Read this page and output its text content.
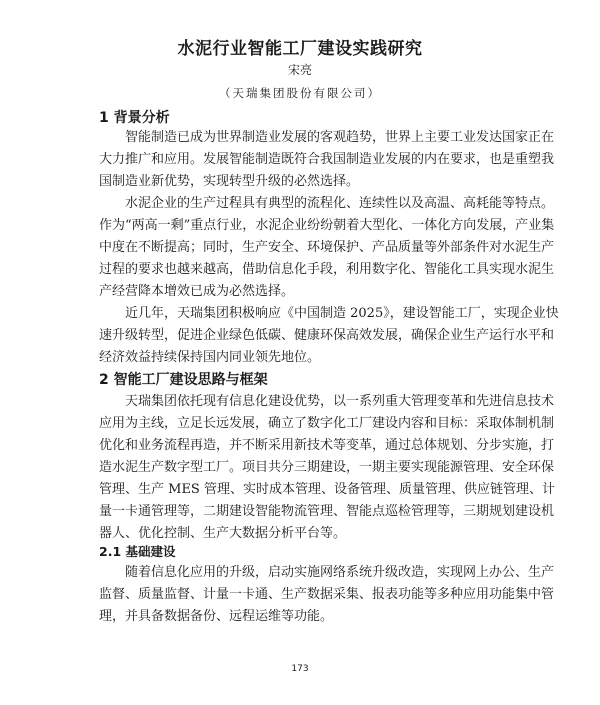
水泥行业智能工厂建设实践研究
宋亮
（天瑞集团股份有限公司）
1 背景分析
智能制造已成为世界制造业发展的客观趋势，世界上主要工业发达国家正在
大力推广和应用。发展智能制造既符合我国制造业发展的内在要求，也是重塑我
国制造业新优势，实现转型升级的必然选择。
水泥企业的生产过程具有典型的流程化、连续性以及高温、高耗能等特点。
作为“两高一剩”重点行业，水泥企业纷纷朝着大型化、一体化方向发展，产业集
中度在不断提高；同时，生产安全、环境保护、产品质量等外部条件对水泥生产
过程的要求也越来越高，借助信息化手段，利用数字化、智能化工具实现水泥生
产经营降本增效已成为必然选择。
近几年，天瑞集团积极响应《中国制造 2025》，建设智能工厂，实现企业快
速升级转型，促进企业绿色低碳、健康环保高效发展，确保企业生产运行水平和
经济效益持续保持国内同业领先地位。
2 智能工厂建设思路与框架
天瑞集团依托现有信息化建设优势，以一系列重大管理变革和先进信息技术
应用为主线，立足长远发展，确立了数字化工厂建设内容和目标：采取体制机制
优化和业务流程再造，并不断采用新技术等变革，通过总体规划、分步实施，打
造水泥生产数字型工厂。项目共分三期建设，一期主要实现能源管理、安全环保
管理、生产 MES 管理、实时成本管理、设备管理、质量管理、供应链管理、计
量一卡通管理等，二期建设智能物流管理、智能点巡检管理等，三期规划建设机
器人、优化控制、生产大数据分析平台等。
2.1 基础建设
随着信息化应用的升级，启动实施网络系统升级改造，实现网上办公、生产
监督、质量监督、计量一卡通、生产数据采集、报表功能等多种应用功能集中管
理，并具备数据备份、远程运维等功能。
173
